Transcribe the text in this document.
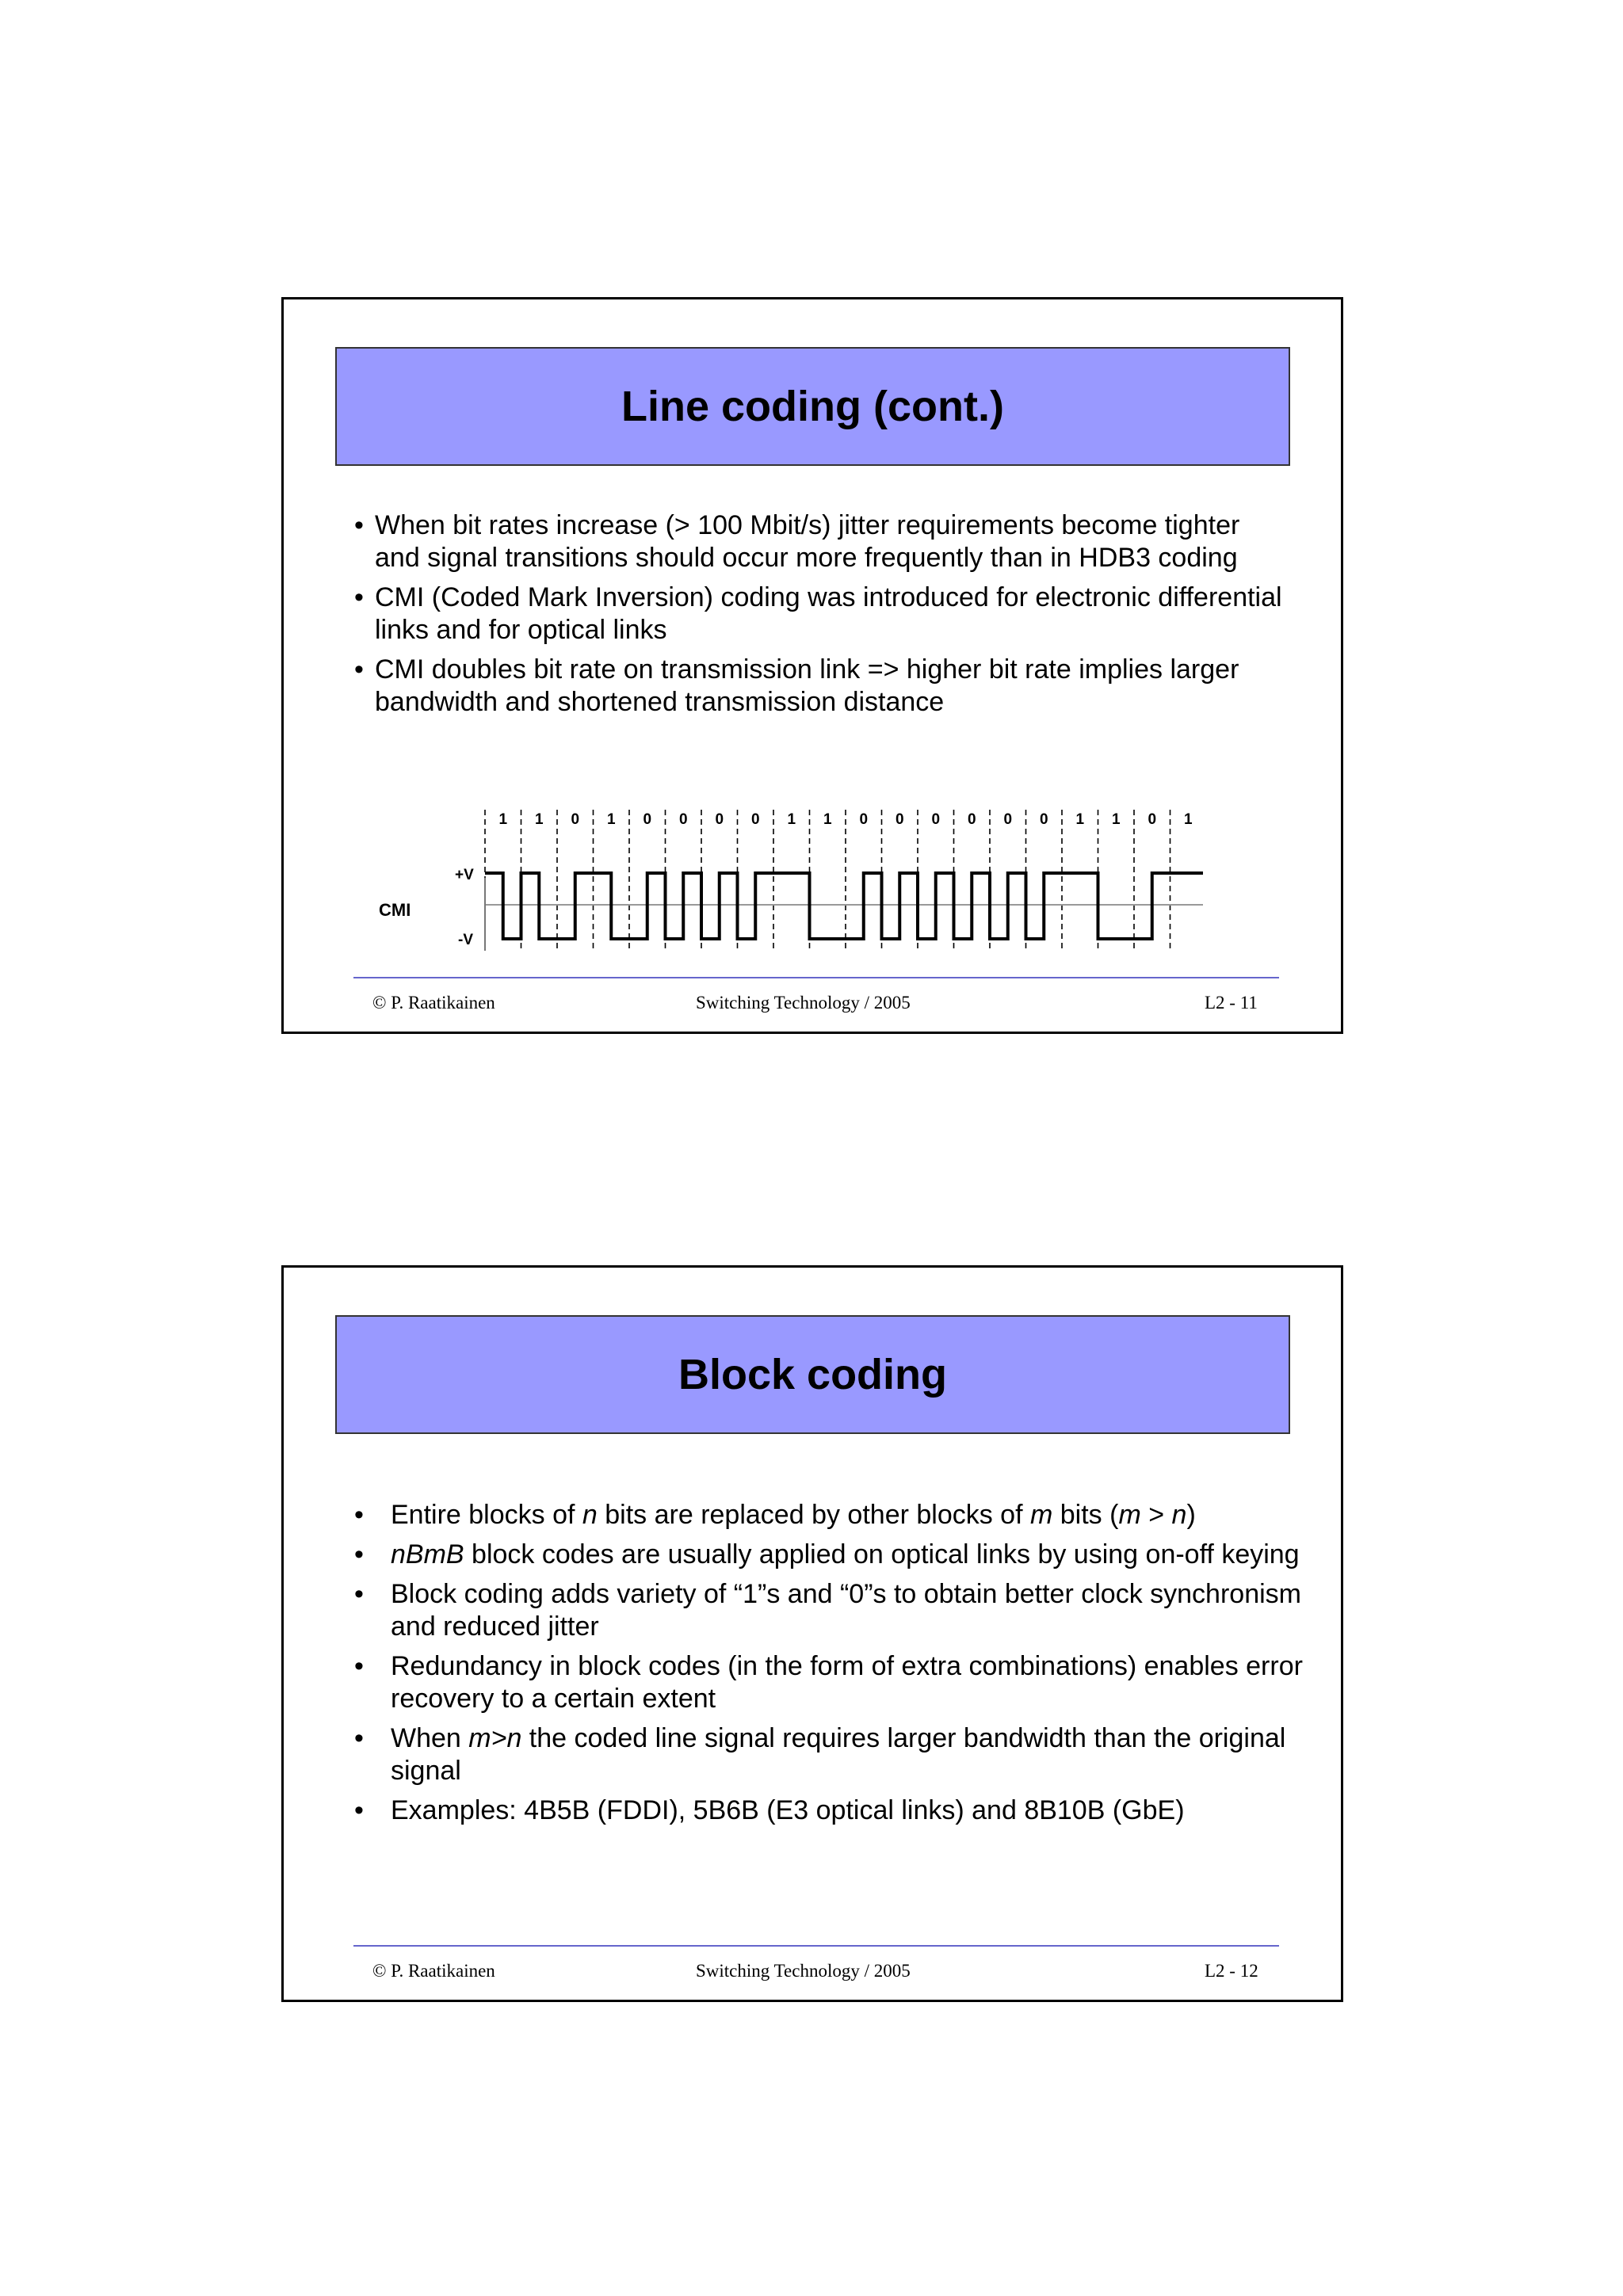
Line coding (cont.)
• When bit rates increase (> 100 Mbit/s) jitter requirements become tighter and signal transitions should occur more frequently than in HDB3 coding
• CMI (Coded Mark Inversion) coding was introduced for electronic differential links and for optical links
• CMI doubles bit rate on transmission link => higher bit rate implies larger bandwidth and shortened transmission distance
CMI
+V
-V
1 1 0 1 0 0 0 0 1 1 0 0 0 0 0 0 1 1 0 1
© P. Raatikainen	Switching Technology / 2005	L2 - 11
Block coding
• Entire blocks of n bits are replaced by other blocks of m bits (m > n)
• nBmB block codes are usually applied on optical links by using on-off keying
• Block coding adds variety of “1”s and “0”s to obtain better clock synchronism and reduced jitter
• Redundancy in block codes (in the form of extra combinations) enables error recovery to a certain extent
• When m>n the coded line signal requires larger bandwidth than the original signal
• Examples: 4B5B (FDDI), 5B6B (E3 optical links) and 8B10B (GbE)
© P. Raatikainen	Switching Technology / 2005	L2 - 12
